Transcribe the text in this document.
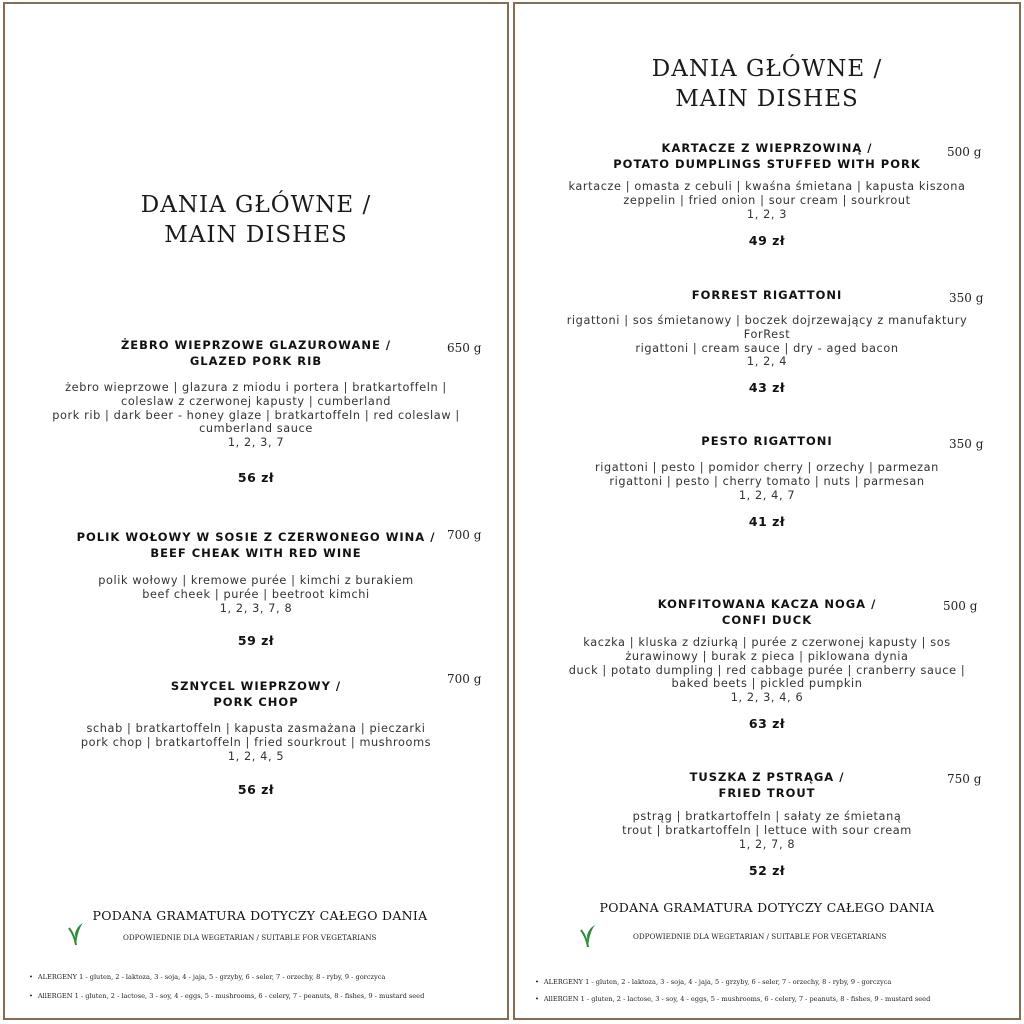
DANIA GŁÓWNE /
MAIN DISHES
ŻEBRO WIEPRZOWE GLAZUROWANE /
GLAZED PORK RIB
650 g
żebro wieprzowe | glazura z miodu i portera | bratkartoffeln |
coleslaw z czerwonej kapusty | cumberland
pork rib | dark beer - honey glaze | bratkartoffeln | red coleslaw |
cumberland sauce
1, 2, 3, 7
56 zł
POLIK WOŁOWY W SOSIE Z CZERWONEGO WINA /
BEEF CHEAK WITH RED WINE
700 g
polik wołowy | kremowe purée | kimchi z burakiem
beef cheek | purée | beetroot kimchi
1, 2, 3, 7, 8
59 zł
SZNYCEL WIEPRZOWY /
PORK CHOP
700 g
schab | bratkartoffeln | kapusta zasmażana | pieczarki
pork chop | bratkartoffeln | fried sourkrout | mushrooms
1, 2, 4, 5
56 zł
PODANA GRAMATURA DOTYCZY CAŁEGO DANIA
ODPOWIEDNIE DLA WEGETARIAN / SUITABLE FOR VEGETARIANS
• ALERGENY 1 - gluten, 2 - laktoza, 3 - soja, 4 - jaja, 5 - grzyby, 6 - seler, 7 - orzechy, 8 - ryby, 9 - gorczyca
• AllERGEN 1 - gluten, 2 - lactose, 3 - soy, 4 - eggs, 5 - mushrooms, 6 - celery, 7 - peanuts, 8 - fishes, 9 - mustard seed
DANIA GŁÓWNE /
MAIN DISHES
KARTACZE Z WIEPRZOWINĄ /
POTATO DUMPLINGS STUFFED WITH PORK
500 g
kartacze | omasta z cebuli | kwaśna śmietana | kapusta kiszona
zeppelin | fried onion | sour cream | sourkrout
1, 2, 3
49 zł
FORREST RIGATTONI	350 g
rigattoni | sos śmietanowy | boczek dojrzewający z manufaktury
ForRest
rigattoni | cream sauce | dry - aged bacon
1, 2, 4
43 zł
PESTO RIGATTONI	350 g
rigattoni | pesto | pomidor cherry | orzechy | parmezan
rigattoni | pesto | cherry tomato | nuts | parmesan
1, 2, 4, 7
41 zł
KONFITOWANA KACZA NOGA /
CONFI DUCK
500 g
kaczka | kluska z dziurką | purée z czerwonej kapusty | sos
żurawinowy | burak z pieca | piklowana dynia
duck | potato dumpling | red cabbage purée | cranberry sauce |
baked beets | pickled pumpkin
1, 2, 3, 4, 6
63 zł
TUSZKA Z PSTRĄGA /
FRIED TROUT
750 g
pstrąg | bratkartoffeln | sałaty ze śmietaną
trout | bratkartoffeln | lettuce with sour cream
1, 2, 7, 8
52 zł
PODANA GRAMATURA DOTYCZY CAŁEGO DANIA
ODPOWIEDNIE DLA WEGETARIAN / SUITABLE FOR VEGETARIANS
• ALERGENY 1 - gluten, 2 - laktoza, 3 - soja, 4 - jaja, 5 - grzyby, 6 - seler, 7 - orzechy, 8 - ryby, 9 - gorczyca
• AllERGEN 1 - gluten, 2 - lactose, 3 - soy, 4 - eggs, 5 - mushrooms, 6 - celery, 7 - peanuts, 8 - fishes, 9 - mustard seed
